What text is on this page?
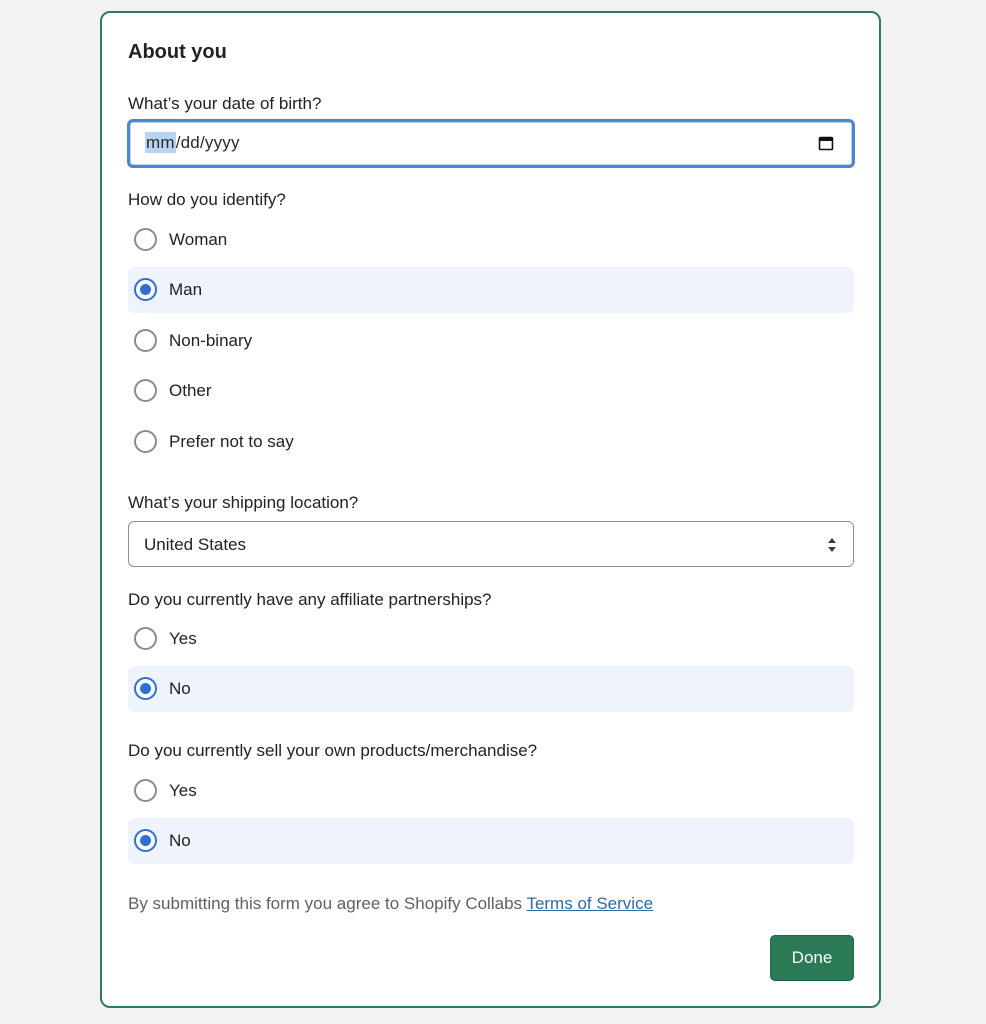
About you
What’s your date of birth?
mm/dd/yyyy
How do you identify?
Woman
Man
Non-binary
Other
Prefer not to say
What’s your shipping location?
United States
Do you currently have any affiliate partnerships?
Yes
No
Do you currently sell your own products/merchandise?
Yes
No
By submitting this form you agree to Shopify Collabs Terms of Service
Done
